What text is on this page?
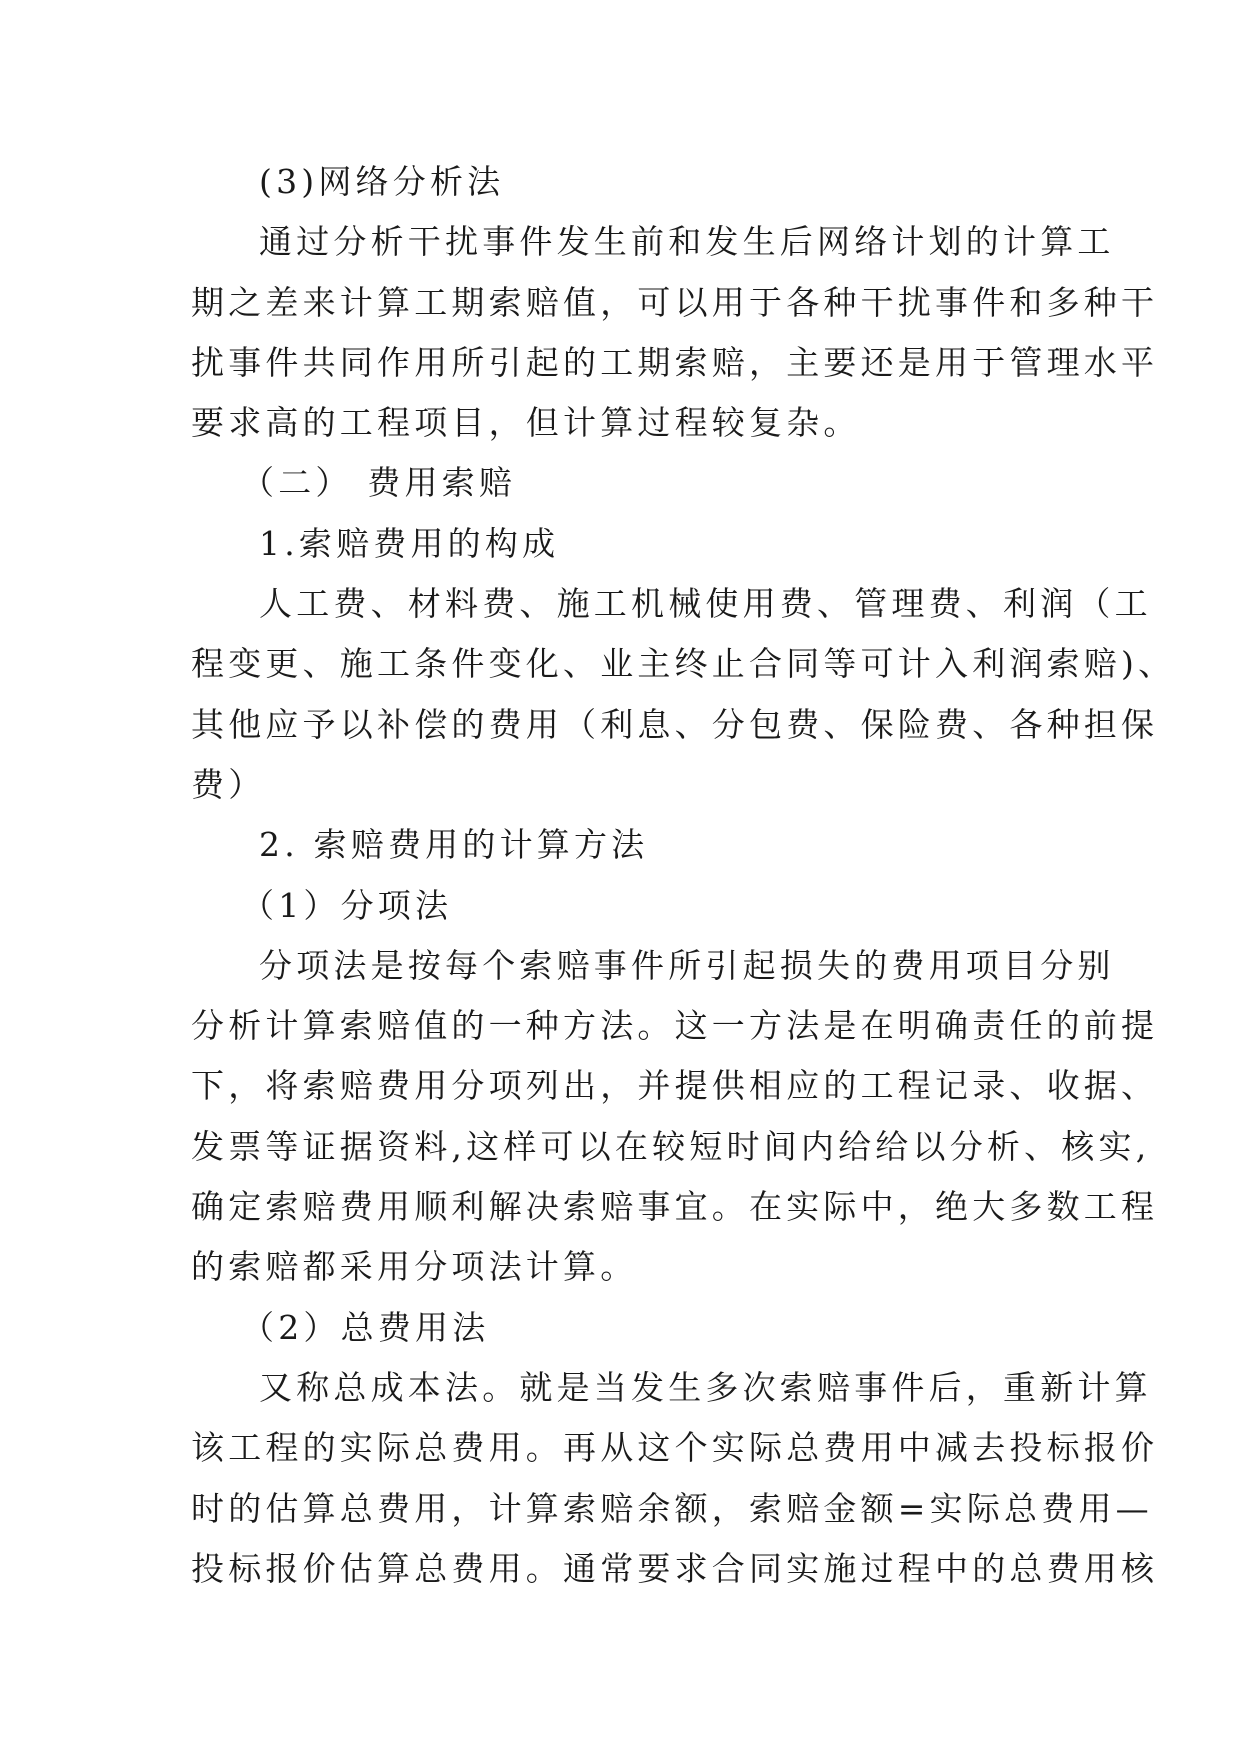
(3)网络分析法
通过分析干扰事件发生前和发生后网络计划的计算工
期之差来计算工期索赔值，可以用于各种干扰事件和多种干
扰事件共同作用所引起的工期索赔，主要还是用于管理水平
要求高的工程项目，但计算过程较复杂。
（二） 费用索赔
1.索赔费用的构成
人工费、材料费、施工机械使用费、管理费、利润（工
程变更、施工条件变化、业主终止合同等可计入利润索赔)、
其他应予以补偿的费用（利息、分包费、保险费、各种担保
费）
2. 索赔费用的计算方法
（1）分项法
分项法是按每个索赔事件所引起损失的费用项目分别
分析计算索赔值的一种方法。这一方法是在明确责任的前提
下，将索赔费用分项列出，并提供相应的工程记录、收据、
发票等证据资料,这样可以在较短时间内给给以分析、核实,
确定索赔费用顺利解决索赔事宜。在实际中，绝大多数工程
的索赔都采用分项法计算。
（2）总费用法
又称总成本法。就是当发生多次索赔事件后，重新计算
该工程的实际总费用。再从这个实际总费用中减去投标报价
时的估算总费用，计算索赔余额，索赔金额=实际总费用—
投标报价估算总费用。通常要求合同实施过程中的总费用核
